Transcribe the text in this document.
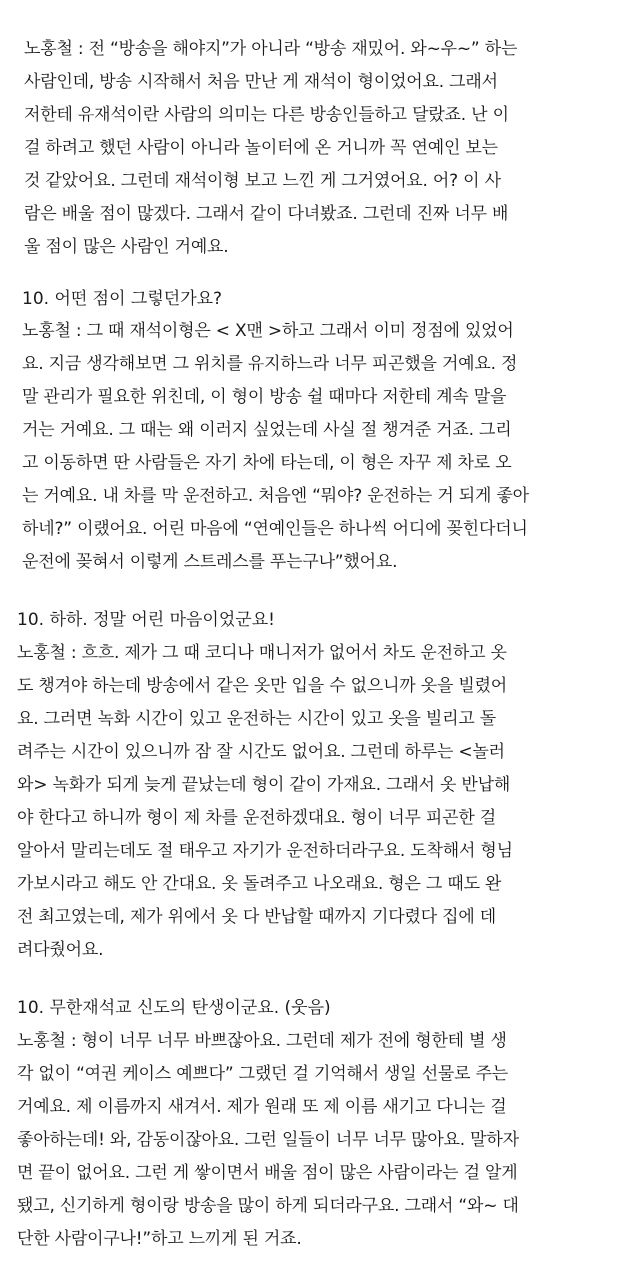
노홍철 : 전 “방송을 해야지”가 아니라 “방송 재밌어. 와~우~” 하는
사람인데, 방송 시작해서 처음 만난 게 재석이 형이었어요. 그래서
저한테 유재석이란 사람의 의미는 다른 방송인들하고 달랐죠. 난 이
걸 하려고 했던 사람이 아니라 놀이터에 온 거니까 꼭 연예인 보는
것 같았어요. 그런데 재석이형 보고 느낀 게 그거였어요. 어? 이 사
람은 배울 점이 많겠다. 그래서 같이 다녀봤죠. 그런데 진짜 너무 배
울 점이 많은 사람인 거예요.
10. 어떤 점이 그렇던가요?
노홍철 : 그 때 재석이형은 < X맨 >하고 그래서 이미 정점에 있었어
요. 지금 생각해보면 그 위치를 유지하느라 너무 피곤했을 거예요. 정
말 관리가 필요한 위친데, 이 형이 방송 쉴 때마다 저한테 계속 말을
거는 거예요. 그 때는 왜 이러지 싶었는데 사실 절 챙겨준 거죠. 그리
고 이동하면 딴 사람들은 자기 차에 타는데, 이 형은 자꾸 제 차로 오
는 거예요. 내 차를 막 운전하고. 처음엔 “뭐야? 운전하는 거 되게 좋아
하네?” 이랬어요. 어린 마음에 “연예인들은 하나씩 어디에 꽂힌다더니
운전에 꽂혀서 이렇게 스트레스를 푸는구나”했어요.
10. 하하. 정말 어린 마음이었군요!
노홍철 : 흐흐. 제가 그 때 코디나 매니저가 없어서 차도 운전하고 옷
도 챙겨야 하는데 방송에서 같은 옷만 입을 수 없으니까 옷을 빌렸어
요. 그러면 녹화 시간이 있고 운전하는 시간이 있고 옷을 빌리고 돌
려주는 시간이 있으니까 잠 잘 시간도 없어요. 그런데 하루는 <놀러
와> 녹화가 되게 늦게 끝났는데 형이 같이 가재요. 그래서 옷 반납해
야 한다고 하니까 형이 제 차를 운전하겠대요. 형이 너무 피곤한 걸
알아서 말리는데도 절 태우고 자기가 운전하더라구요. 도착해서 형님
가보시라고 해도 안 간대요. 옷 돌려주고 나오래요. 형은 그 때도 완
전 최고였는데, 제가 위에서 옷 다 반납할 때까지 기다렸다 집에 데
려다줬어요.
10. 무한재석교 신도의 탄생이군요. (웃음)
노홍철 : 형이 너무 너무 바쁘잖아요. 그런데 제가 전에 형한테 별 생
각 없이 “여권 케이스 예쁘다” 그랬던 걸 기억해서 생일 선물로 주는
거예요. 제 이름까지 새겨서. 제가 원래 또 제 이름 새기고 다니는 걸
좋아하는데! 와, 감동이잖아요. 그런 일들이 너무 너무 많아요. 말하자
면 끝이 없어요. 그런 게 쌓이면서 배울 점이 많은 사람이라는 걸 알게
됐고, 신기하게 형이랑 방송을 많이 하게 되더라구요. 그래서 “와~ 대
단한 사람이구나!”하고 느끼게 된 거죠.
